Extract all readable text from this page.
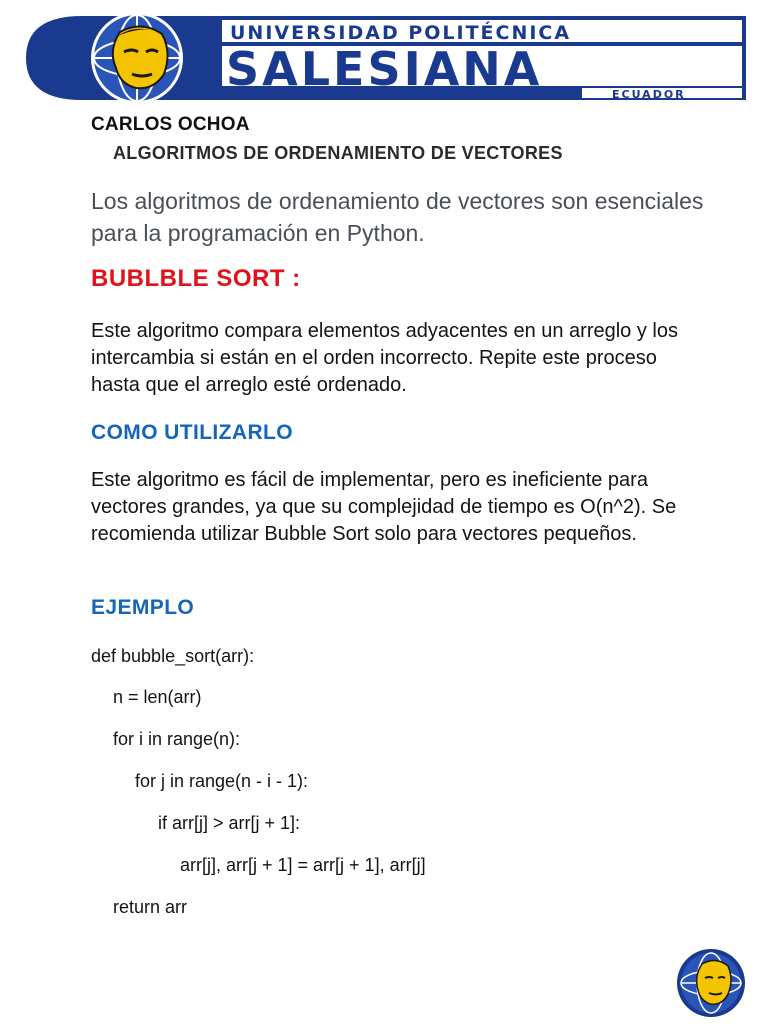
UNIVERSIDAD POLITÉCNICA
SALESIANA	ECUADOR
CARLOS OCHOA
ALGORITMOS DE ORDENAMIENTO DE VECTORES
Los algoritmos de ordenamiento de vectores son esenciales para la programación en Python.
BUBLBLE SORT :
Este algoritmo compara elementos adyacentes en un arreglo y los intercambia si están en el orden incorrecto. Repite este proceso hasta que el arreglo esté ordenado.
COMO UTILIZARLO
Este algoritmo es fácil de implementar, pero es ineficiente para vectores grandes, ya que su complejidad de tiempo es O(n^2). Se recomienda utilizar Bubble Sort solo para vectores pequeños.
EJEMPLO
def bubble_sort(arr):
n = len(arr)
for i in range(n):
for j in range(n - i - 1):
if arr[j] > arr[j + 1]:
arr[j], arr[j + 1] = arr[j + 1], arr[j]
return arr
